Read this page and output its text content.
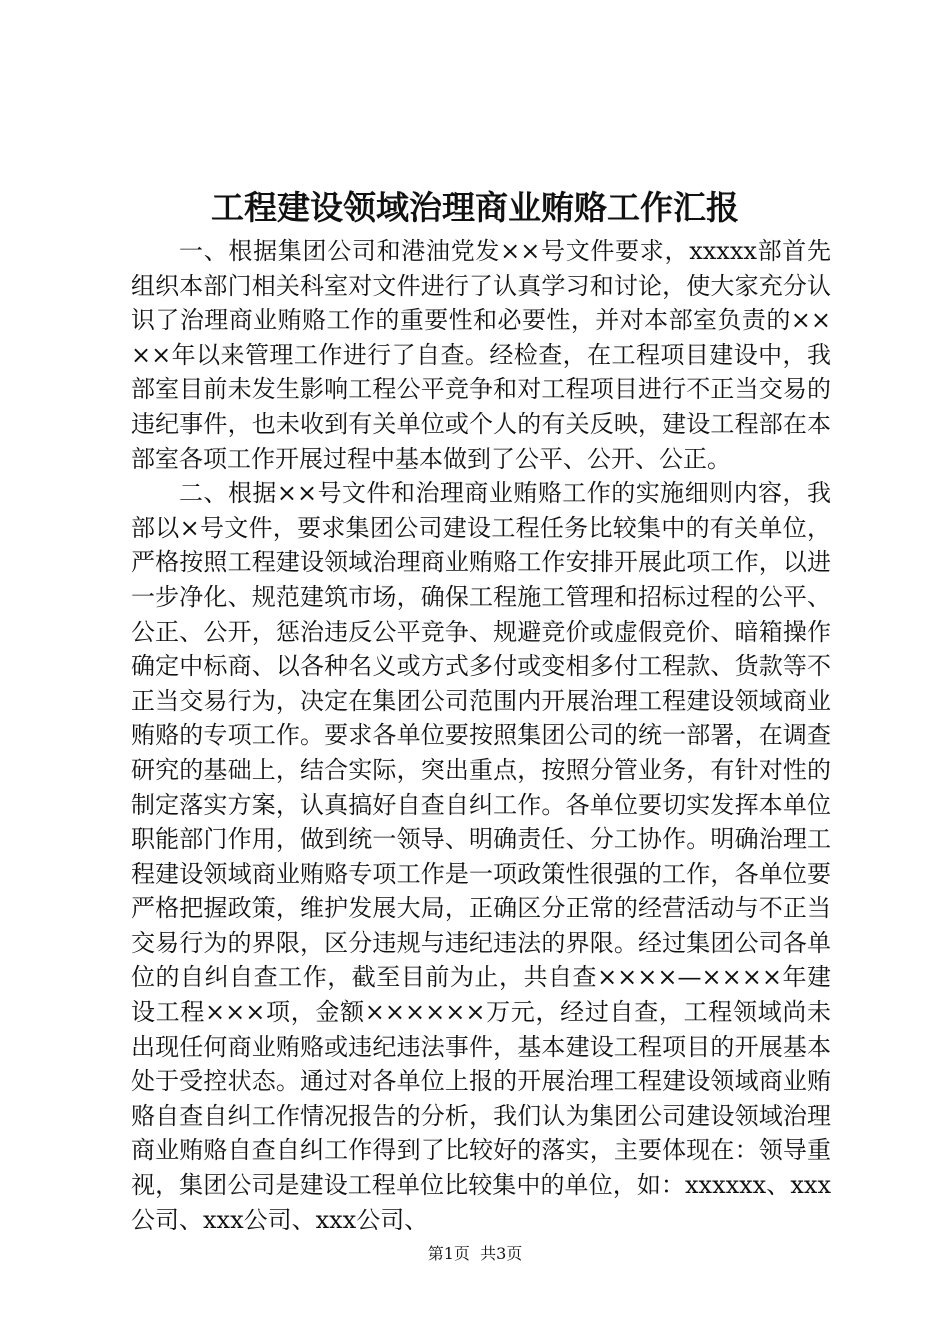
工程建设领域治理商业贿赂工作汇报

一、根据集团公司和港油党发××号文件要求，xxxxx部首先组织本部门相关科室对文件进行了认真学习和讨论，使大家充分认识了治理商业贿赂工作的重要性和必要性，并对本部室负责的××××年以来管理工作进行了自查。经检查，在工程项目建设中，我部室目前未发生影响工程公平竞争和对工程项目进行不正当交易的违纪事件，也未收到有关单位或个人的有关反映，建设工程部在本部室各项工作开展过程中基本做到了公平、公开、公正。

二、根据××号文件和治理商业贿赂工作的实施细则内容，我部以×号文件，要求集团公司建设工程任务比较集中的有关单位，严格按照工程建设领域治理商业贿赂工作安排开展此项工作，以进一步净化、规范建筑市场，确保工程施工管理和招标过程的公平、公正、公开，惩治违反公平竞争、规避竞价或虚假竞价、暗箱操作确定中标商、以各种名义或方式多付或变相多付工程款、货款等不正当交易行为，决定在集团公司范围内开展治理工程建设领域商业贿赂的专项工作。要求各单位要按照集团公司的统一部署，在调查研究的基础上，结合实际，突出重点，按照分管业务，有针对性的制定落实方案，认真搞好自查自纠工作。各单位要切实发挥本单位职能部门作用，做到统一领导、明确责任、分工协作。明确治理工程建设领域商业贿赂专项工作是一项政策性很强的工作，各单位要严格把握政策，维护发展大局，正确区分正常的经营活动与不正当交易行为的界限，区分违规与违纪违法的界限。经过集团公司各单位的自纠自查工作，截至目前为止，共自查××××—××××年建设工程×××项，金额××××××万元，经过自查，工程领域尚未出现任何商业贿赂或违纪违法事件，基本建设工程项目的开展基本处于受控状态。通过对各单位上报的开展治理工程建设领域商业贿赂自查自纠工作情况报告的分析，我们认为集团公司建设领域治理商业贿赂自查自纠工作得到了比较好的落实，主要体现在：领导重视，集团公司是建设工程单位比较集中的单位，如：xxxxxx、xxx公司、xxx公司、xxx公司、

第1页  共3页
